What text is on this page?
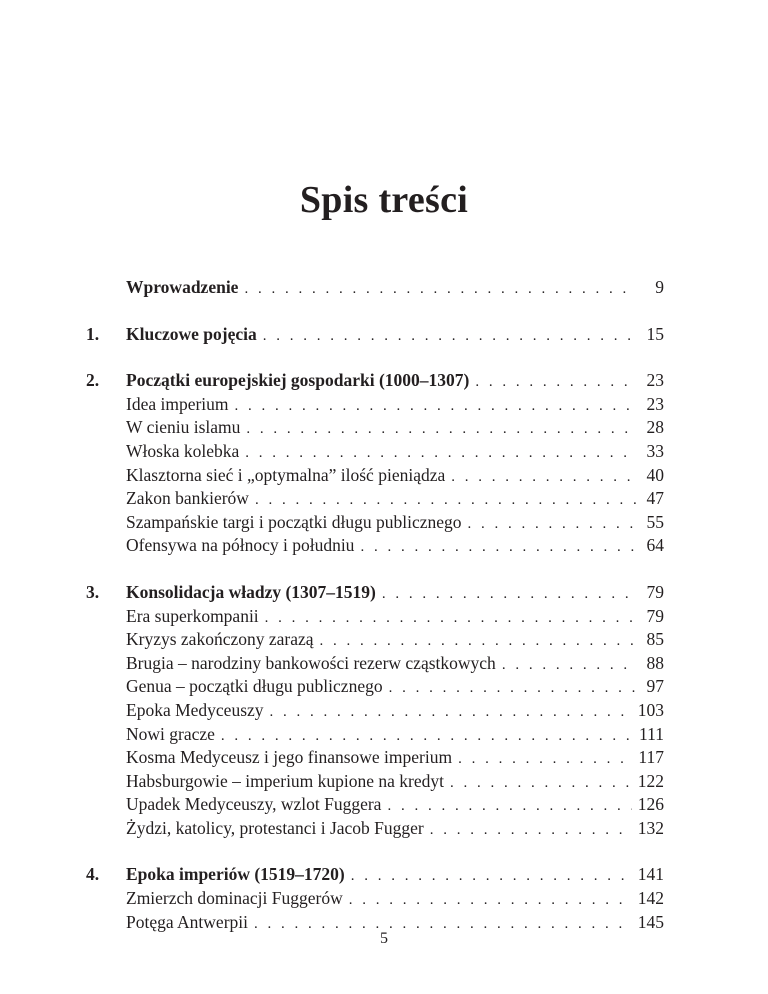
Spis treści
Wprowadzenie . . .	9
1.	Kluczowe pojęcia . . .	15
2.	Początki europejskiej gospodarki (1000–1307) . . .	23
Idea imperium . . .	23
W cieniu islamu . . .	28
Włoska kolebka . . .	33
Klasztorna sieć i „optymalna” ilość pieniądza . . .	40
Zakon bankierów . . .	47
Szampańskie targi i początki długu publicznego . . .	55
Ofensywa na północy i południu . . .	64
3.	Konsolidacja władzy (1307–1519) . . .	79
Era superkompanii . . .	79
Kryzys zakończony zarazą . . .	85
Brugia – narodziny bankowości rezerw cząstkowych . . .	88
Genua – początki długu publicznego . . .	97
Epoka Medyceuszy . . .	103
Nowi gracze . . .	111
Kosma Medyceusz i jego finansowe imperium . . .	117
Habsburgowie – imperium kupione na kredyt . . .	122
Upadek Medyceuszy, wzlot Fuggera . . .	126
Żydzi, katolicy, protestanci i Jacob Fugger . . .	132
4.	Epoka imperiów (1519–1720) . . .	141
Zmierzch dominacji Fuggerów . . .	142
Potęga Antwerpii . . .	145
5
